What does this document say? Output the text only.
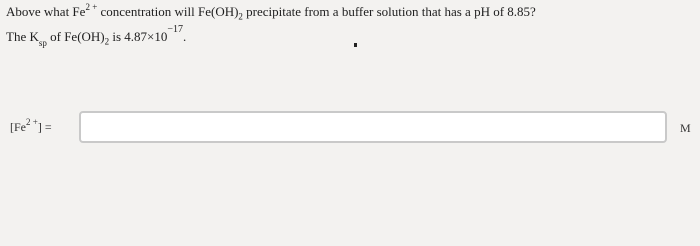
Above what $Fe^{2 +}$ concentration will $Fe(OH)_2$ precipitate from a buffer solution that has a pH of 8.85?
The $K_{sp}$ of $Fe(OH)_2$ is $4.87\times 10^{-17}$.
$[Fe^{2 +}]$ =	M
